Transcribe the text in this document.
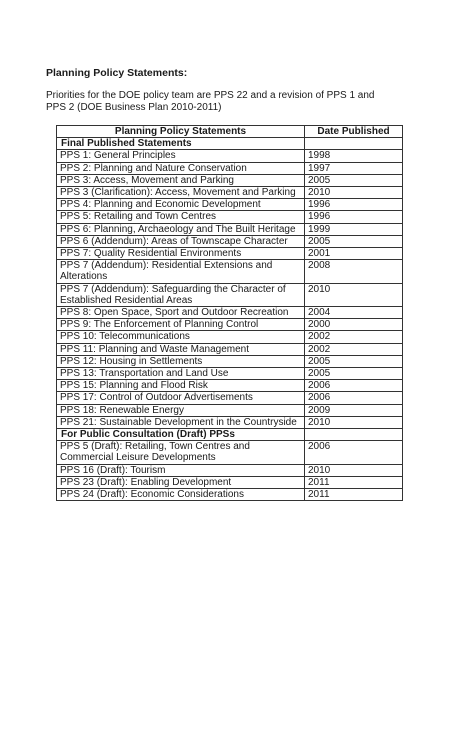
Planning Policy Statements:
Priorities for the DOE policy team are PPS 22 and a revision of PPS 1 and PPS 2 (DOE Business Plan 2010-2011)
Planning Policy Statements	Date Published
Final Published Statements	
PPS 1: General Principles	1998
PPS 2: Planning and Nature Conservation	1997
PPS 3: Access, Movement and Parking	2005
PPS 3 (Clarification): Access, Movement and Parking	2010
PPS 4: Planning and Economic Development	1996
PPS 5: Retailing and Town Centres	1996
PPS 6: Planning, Archaeology and The Built Heritage	1999
PPS 6 (Addendum): Areas of Townscape Character	2005
PPS 7: Quality Residential Environments	2001
PPS 7 (Addendum): Residential Extensions and Alterations	2008
PPS 7 (Addendum): Safeguarding the Character of Established Residential Areas	2010
PPS 8: Open Space, Sport and Outdoor Recreation	2004
PPS 9: The Enforcement of Planning Control	2000
PPS 10: Telecommunications	2002
PPS 11: Planning and Waste Management	2002
PPS 12: Housing in Settlements	2005
PPS 13: Transportation and Land Use	2005
PPS 15: Planning and Flood Risk	2006
PPS 17: Control of Outdoor Advertisements	2006
PPS 18: Renewable Energy	2009
PPS 21: Sustainable Development in the Countryside	2010
For Public Consultation (Draft) PPSs	
PPS 5 (Draft): Retailing, Town Centres and Commercial Leisure Developments	2006
PPS 16 (Draft): Tourism	2010
PPS 23 (Draft): Enabling Development	2011
PPS 24 (Draft): Economic Considerations	2011
